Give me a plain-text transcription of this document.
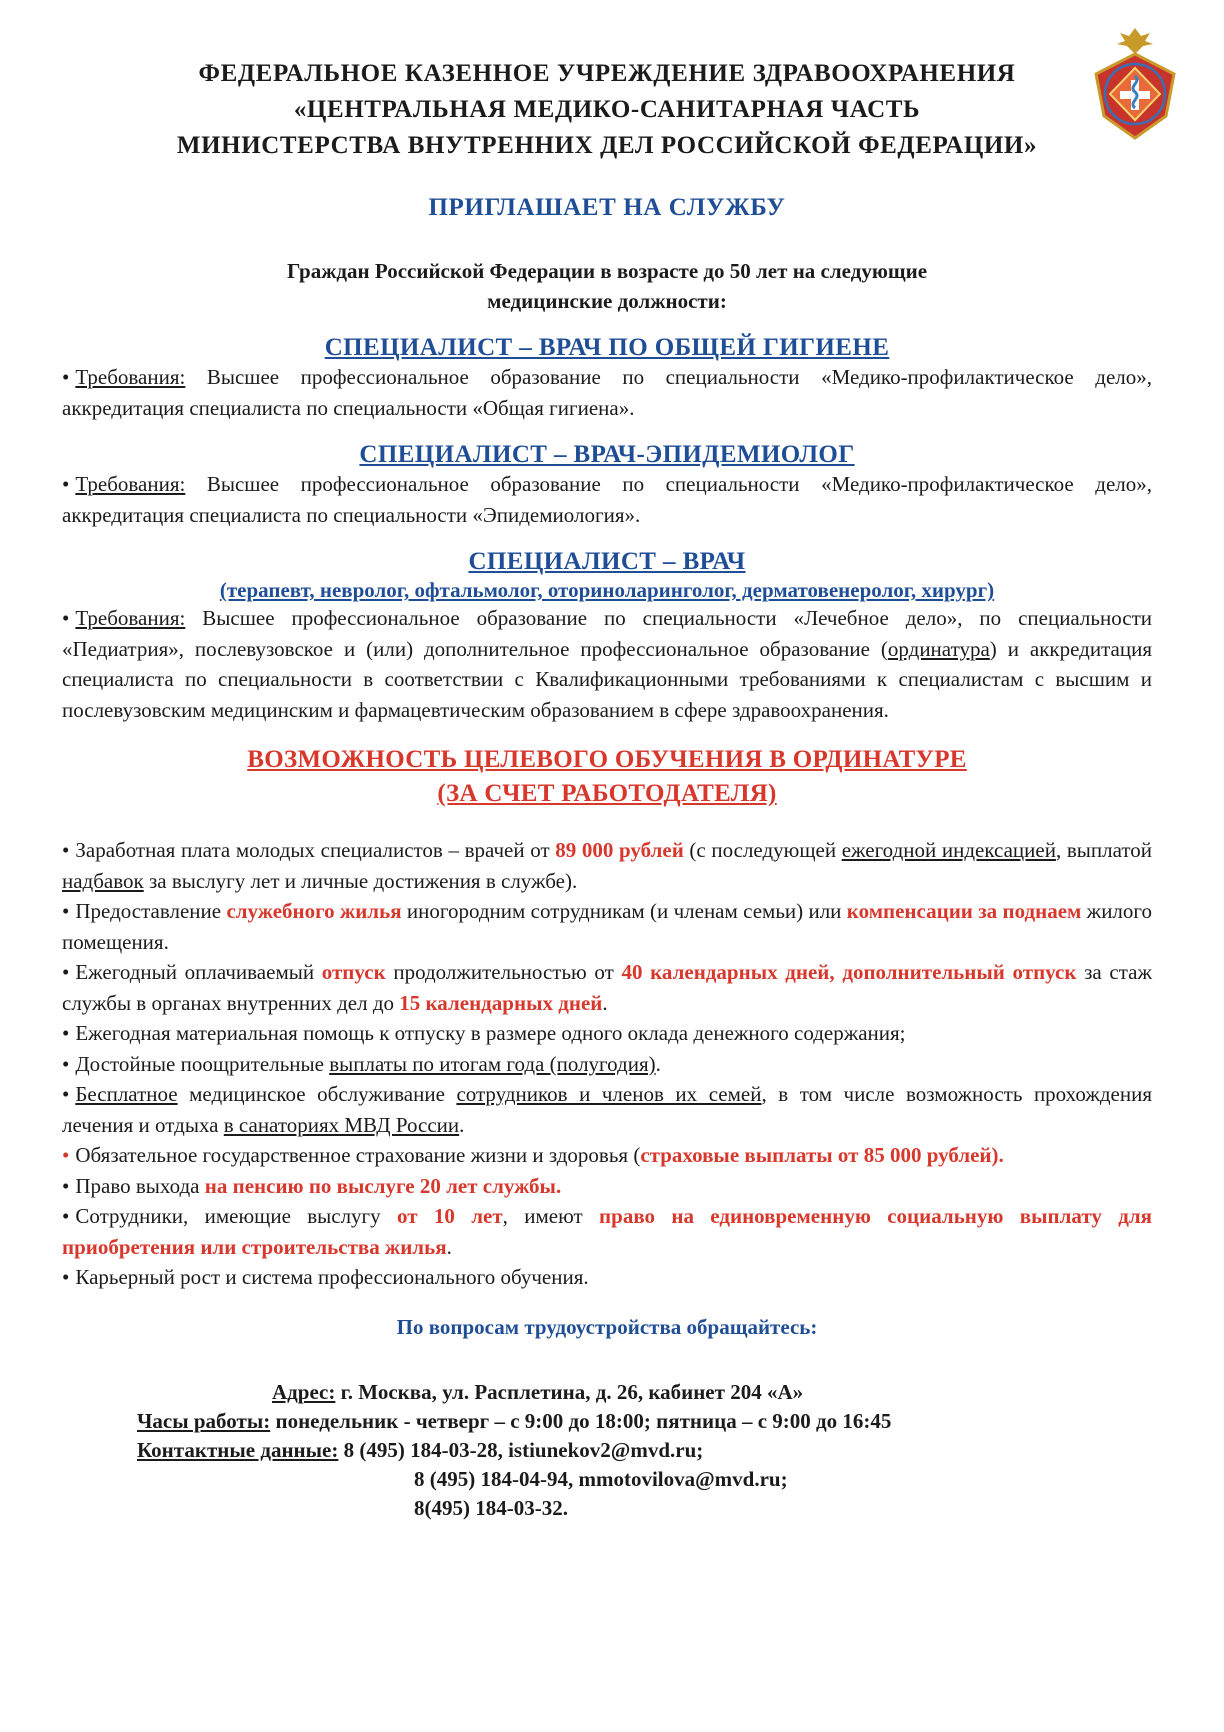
ФЕДЕРАЛЬНОЕ КАЗЕННОЕ УЧРЕЖДЕНИЕ ЗДРАВООХРАНЕНИЯ
«ЦЕНТРАЛЬНАЯ МЕДИКО-САНИТАРНАЯ ЧАСТЬ
МИНИСТЕРСТВА ВНУТРЕННИХ ДЕЛ РОССИЙСКОЙ ФЕДЕРАЦИИ»
ПРИГЛАШАЕТ НА СЛУЖБУ
Граждан Российской Федерации в возрасте до 50 лет на следующие
медицинские должности:
СПЕЦИАЛИСТ – ВРАЧ ПО ОБЩЕЙ ГИГИЕНЕ
• Требования: Высшее профессиональное образование по специальности «Медико-профилактическое дело», аккредитация специалиста по специальности «Общая гигиена».
СПЕЦИАЛИСТ – ВРАЧ-ЭПИДЕМИОЛОГ
• Требования: Высшее профессиональное образование по специальности «Медико-профилактическое дело», аккредитация специалиста по специальности «Эпидемиология».
СПЕЦИАЛИСТ – ВРАЧ
(терапевт, невролог, офтальмолог, оториноларинголог, дерматовенеролог, хирург)
• Требования: Высшее профессиональное образование по специальности «Лечебное дело», по специальности «Педиатрия», послевузовское и (или) дополнительное профессиональное образование (ординатура) и аккредитация специалиста по специальности в соответствии с Квалификационными требованиями к специалистам с высшим и послевузовским медицинским и фармацевтическим образованием в сфере здравоохранения.
ВОЗМОЖНОСТЬ ЦЕЛЕВОГО ОБУЧЕНИЯ В ОРДИНАТУРЕ
(ЗА СЧЕТ РАБОТОДАТЕЛЯ)
• Заработная плата молодых специалистов – врачей от 89 000 рублей (с последующей ежегодной индексацией, выплатой надбавок за выслугу лет и личные достижения в службе).
• Предоставление служебного жилья иногородним сотрудникам (и членам семьи) или компенсации за поднаем жилого помещения.
• Ежегодный оплачиваемый отпуск продолжительностью от 40 календарных дней, дополнительный отпуск за стаж службы в органах внутренних дел до 15 календарных дней.
• Ежегодная материальная помощь к отпуску в размере одного оклада денежного содержания;
• Достойные поощрительные выплаты по итогам года (полугодия).
• Бесплатное медицинское обслуживание сотрудников и членов их семей, в том числе возможность прохождения лечения и отдыха в санаториях МВД России.
• Обязательное государственное страхование жизни и здоровья (страховые выплаты от 85 000 рублей).
• Право выхода на пенсию по выслуге 20 лет службы.
• Сотрудники, имеющие выслугу от 10 лет, имеют право на единовременную социальную выплату для приобретения или строительства жилья.
• Карьерный рост и система профессионального обучения.
По вопросам трудоустройства обращайтесь:
Адрес: г. Москва, ул. Расплетина, д. 26, кабинет 204 «А»
Часы работы: понедельник - четверг – с 9:00 до 18:00; пятница – с 9:00 до 16:45
Контактные данные: 8 (495) 184-03-28, istiunekov2@mvd.ru;
8 (495) 184-04-94, mmotovilova@mvd.ru;
8(495) 184-03-32.
